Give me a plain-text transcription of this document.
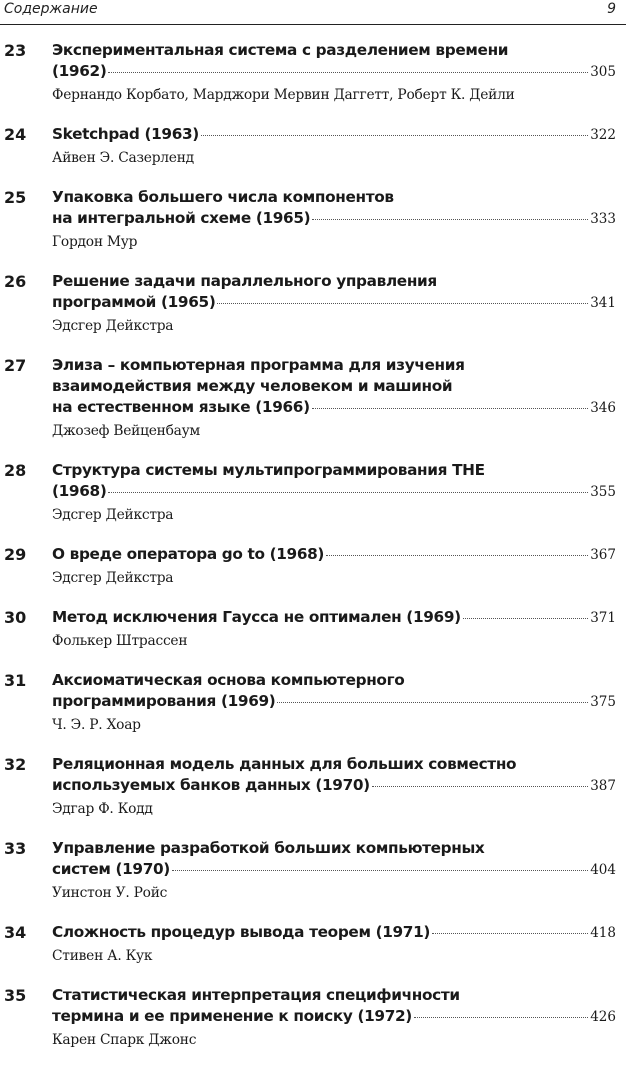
Содержание	9
23 Экспериментальная система с разделением времени
(1962)	305
Фернандо Корбато, Марджори Мервин Даггетт, Роберт К. Дейли
24 Sketchpad (1963)	322
Айвен Э. Сазерленд
25 Упаковка большего числа компонентов
на интегральной схеме (1965)	333
Гордон Мур
26 Решение задачи параллельного управления
программой (1965)	341
Эдсгер Дейкстра
27 Элиза – компьютерная программа для изучения
взаимодействия между человеком и машиной
на естественном языке (1966)	346
Джозеф Вейценбаум
28 Структура системы мультипрограммирования THE
(1968)	355
Эдсгер Дейкстра
29 О вреде оператора go to (1968)	367
Эдсгер Дейкстра
30 Метод исключения Гаусса не оптимален (1969)	371
Фолькер Штрассен
31 Аксиоматическая основа компьютерного
программирования (1969)	375
Ч. Э. Р. Хоар
32 Реляционная модель данных для больших совместно
используемых банков данных (1970)	387
Эдгар Ф. Кодд
33 Управление разработкой больших компьютерных
систем (1970)	404
Уинстон У. Ройс
34 Сложность процедур вывода теорем (1971)	418
Стивен А. Кук
35 Статистическая интерпретация специфичности
термина и ее применение к поиску (1972)	426
Карен Спарк Джонс
